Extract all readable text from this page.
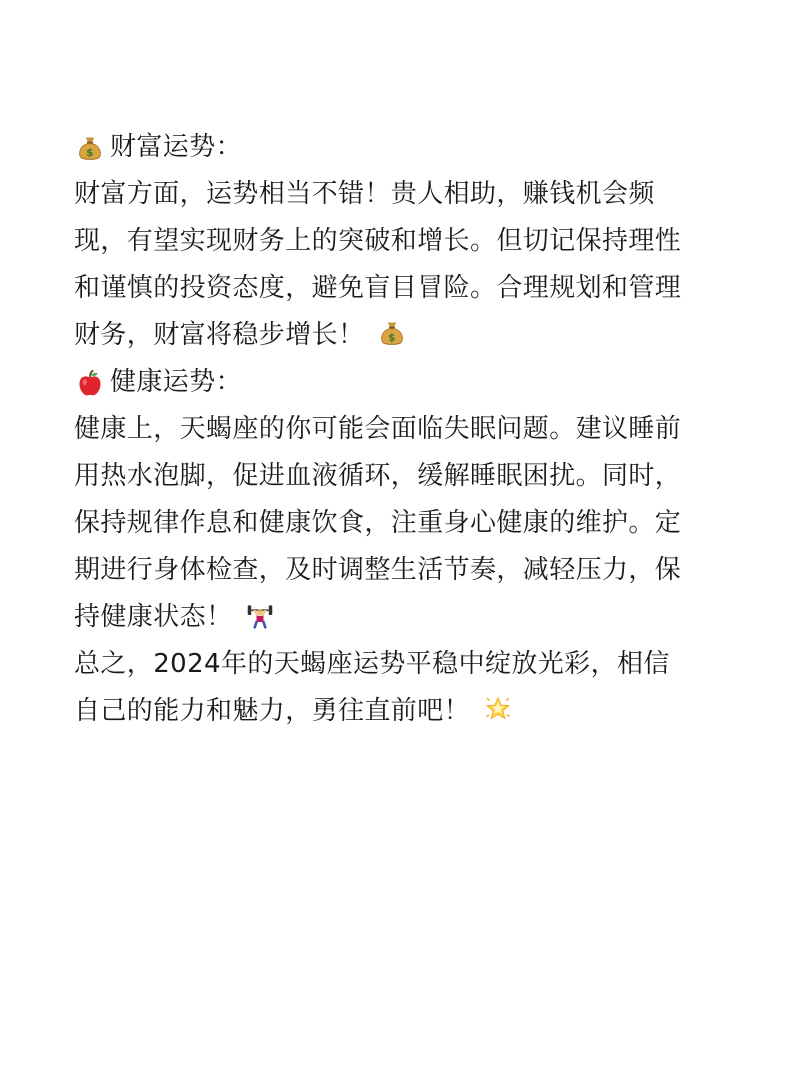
$ 财富运势：
财富方面，运势相当不错！贵人相助，赚钱机会频
现，有望实现财务上的突破和增长。但切记保持理性
和谨慎的投资态度，避免盲目冒险。合理规划和管理
财务，财富将稳步增长！ $
健康运势：
健康上，天蝎座的你可能会面临失眠问题。建议睡前
用热水泡脚，促进血液循环，缓解睡眠困扰。同时，
保持规律作息和健康饮食，注重身心健康的维护。定
期进行身体检查，及时调整生活节奏，减轻压力，保
持健康状态！
总之，2024年的天蝎座运势平稳中绽放光彩，相信
自己的能力和魅力，勇往直前吧！
